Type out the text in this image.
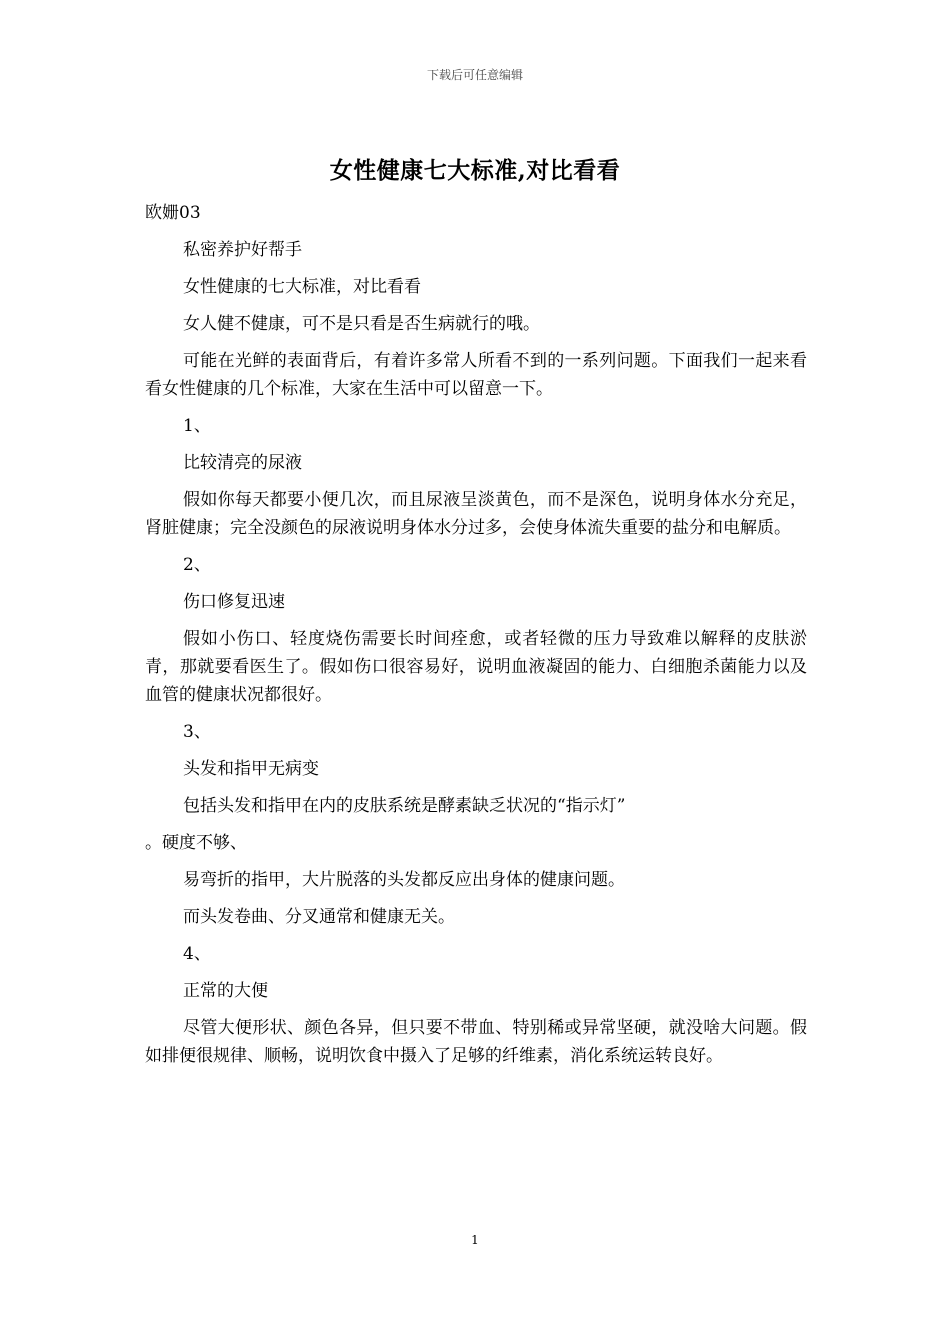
下载后可任意编辑
女性健康七大标准,对比看看

欧姗03

私密养护好帮手

女性健康的七大标准，对比看看

女人健不健康，可不是只看是否生病就行的哦。

可能在光鲜的表面背后，有着许多常人所看不到的一系列问题。下面我们一起来看看女性健康的几个标准，大家在生活中可以留意一下。

1、

比较清亮的尿液

假如你每天都要小便几次，而且尿液呈淡黄色，而不是深色，说明身体水分充足，肾脏健康；完全没颜色的尿液说明身体水分过多，会使身体流失重要的盐分和电解质。

2、

伤口修复迅速

假如小伤口、轻度烧伤需要长时间痊愈，或者轻微的压力导致难以解释的皮肤淤青，那就要看医生了。假如伤口很容易好，说明血液凝固的能力、白细胞杀菌能力以及血管的健康状况都很好。

3、

头发和指甲无病变

包括头发和指甲在内的皮肤系统是酵素缺乏状况的“指示灯”

。硬度不够、

易弯折的指甲，大片脱落的头发都反应出身体的健康问题。

而头发卷曲、分叉通常和健康无关。

4、

正常的大便

尽管大便形状、颜色各异，但只要不带血、特别稀或异常坚硬，就没啥大问题。假如排便很规律、顺畅，说明饮食中摄入了足够的纤维素，消化系统运转良好。

1
